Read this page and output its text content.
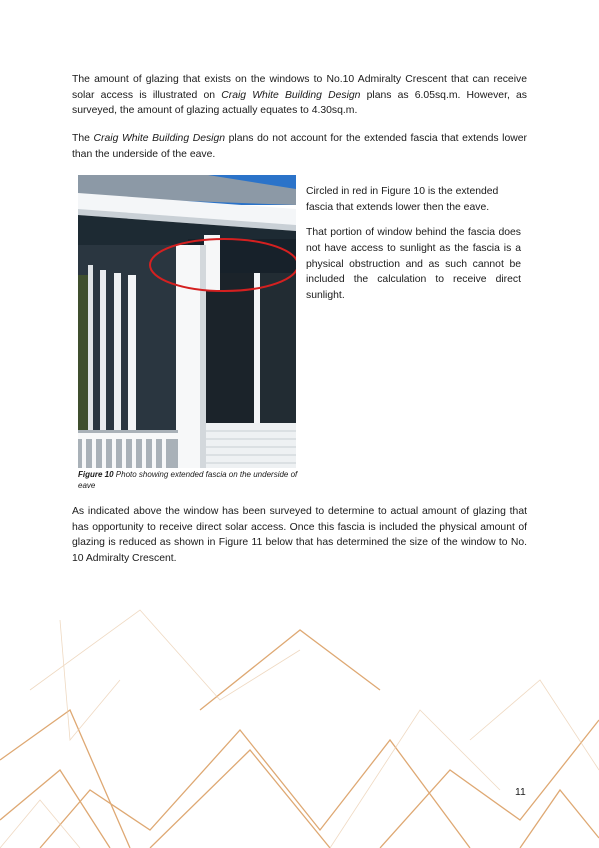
The amount of glazing that exists on the windows to No.10 Admiralty Crescent that can receive solar access is illustrated on Craig White Building Design plans as 6.05sq.m. However, as surveyed, the amount of glazing actually equates to 4.30sq.m.

The Craig White Building Design plans do not account for the extended fascia that extends lower than the underside of the eave.

Figure 10 Photo showing extended fascia on the underside of eave

Circled in red in Figure 10 is the extended fascia that extends lower then the eave.

That portion of window behind the fascia does not have access to sunlight as the fascia is a physical obstruction and as such cannot be included the calculation to receive direct sunlight.

As indicated above the window has been surveyed to determine to actual amount of glazing that has opportunity to receive direct solar access. Once this fascia is included the physical amount of glazing is reduced as shown in Figure 11 below that has determined the size of the window to No. 10 Admiralty Crescent.

11
